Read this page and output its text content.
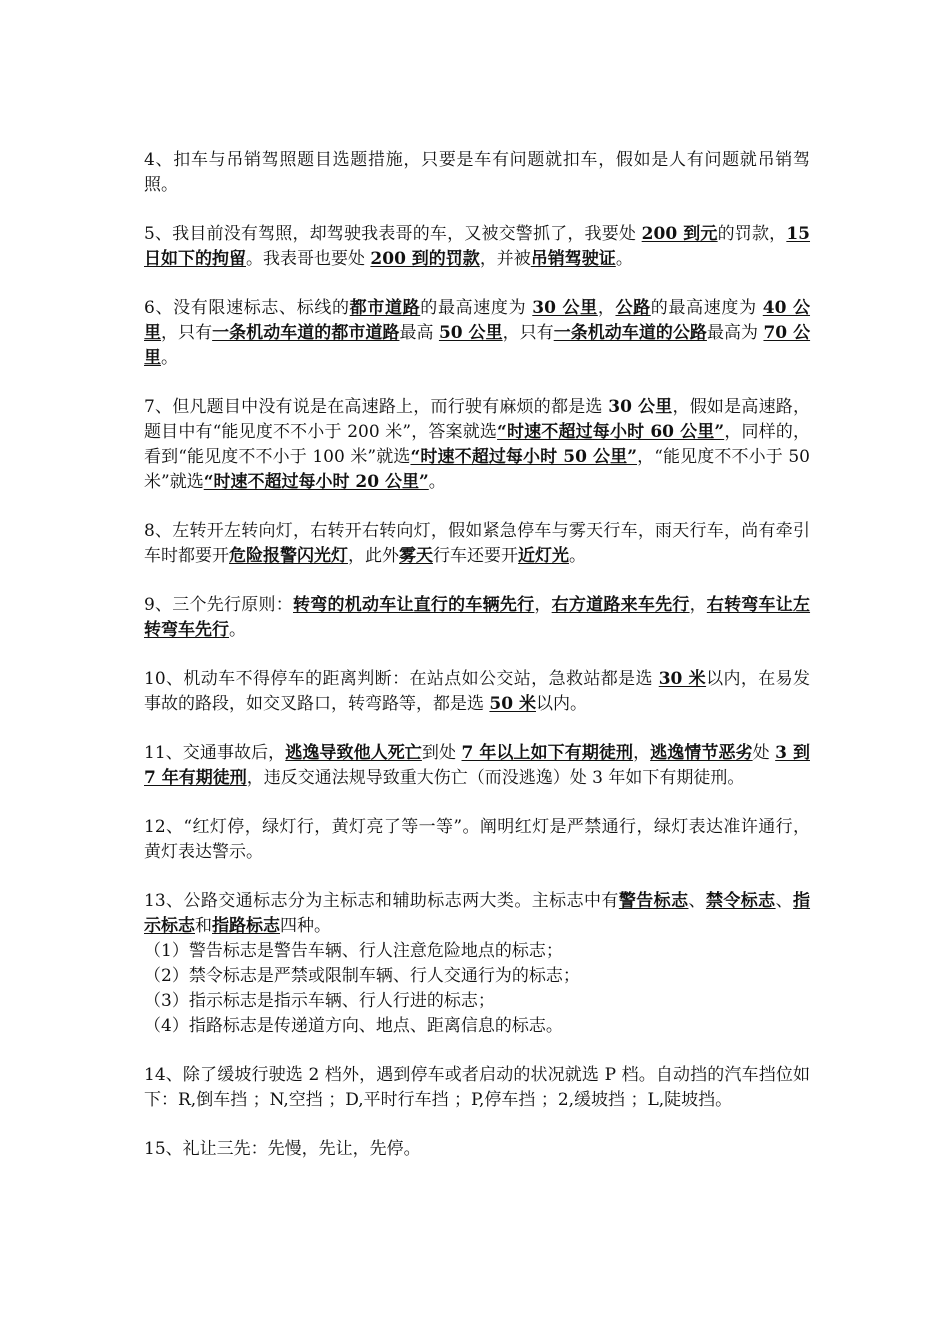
4、扣车与吊销驾照题目选题措施，只要是车有问题就扣车，假如是人有问题就吊销驾照。

5、我目前没有驾照，却驾驶我表哥的车，又被交警抓了，我要处 200 到元的罚款，15 日如下的拘留。我表哥也要处 200 到的罚款，并被吊销驾驶证。

6、没有限速标志、标线的都市道路的最高速度为 30 公里，公路的最高速度为 40 公里，只有一条机动车道的都市道路最高 50 公里，只有一条机动车道的公路最高为 70 公里。

7、但凡题目中没有说是在高速路上，而行驶有麻烦的都是选 30 公里，假如是高速路，题目中有“能见度不不小于 200 米”，答案就选“时速不超过每小时 60 公里”，同样的，看到“能见度不不小于 100 米”就选“时速不超过每小时 50 公里”，“能见度不不小于 50 米”就选“时速不超过每小时 20 公里”。

8、左转开左转向灯，右转开右转向灯，假如紧急停车与雾天行车，雨天行车，尚有牵引车时都要开危险报警闪光灯，此外雾天行车还要开近灯光。

9、三个先行原则：转弯的机动车让直行的车辆先行，右方道路来车先行，右转弯车让左转弯车先行。

10、机动车不得停车的距离判断：在站点如公交站，急救站都是选 30 米以内，在易发事故的路段，如交叉路口，转弯路等，都是选 50 米以内。

11、交通事故后，逃逸导致他人死亡到处 7 年以上如下有期徒刑，逃逸情节恶劣处 3 到 7 年有期徒刑，违反交通法规导致重大伤亡（而没逃逸）处 3 年如下有期徒刑。

12、“红灯停，绿灯行，黄灯亮了等一等”。阐明红灯是严禁通行，绿灯表达准许通行，黄灯表达警示。

13、公路交通标志分为主标志和辅助标志两大类。主标志中有警告标志、禁令标志、指示标志和指路标志四种。

（1）警告标志是警告车辆、行人注意危险地点的标志；

（2）禁令标志是严禁或限制车辆、行人交通行为的标志；

（3）指示标志是指示车辆、行人行进的标志；

（4）指路标志是传递道方向、地点、距离信息的标志。

14、除了缓坡行驶选 2 档外，遇到停车或者启动的状况就选 P 档。自动挡的汽车挡位如下：R,倒车挡 ；N,空挡 ；D,平时行车挡 ；P,停车挡 ；2,缓坡挡 ；L,陡坡挡。

15、礼让三先：先慢，先让，先停。
